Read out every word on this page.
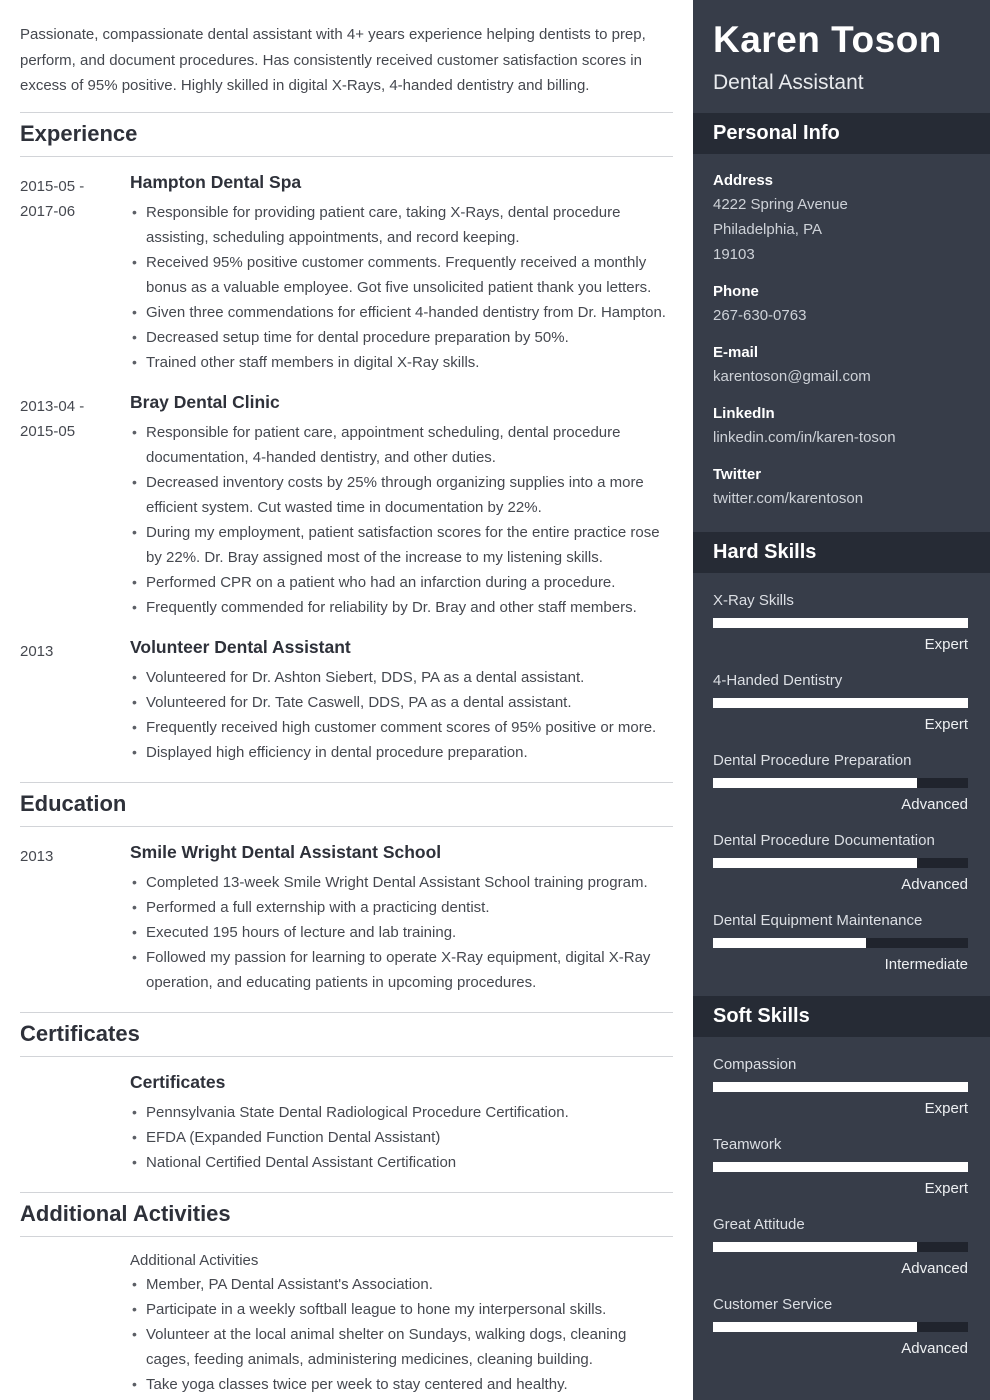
Passionate, compassionate dental assistant with 4+ years experience helping dentists to prep, perform, and document procedures. Has consistently received customer satisfaction scores in excess of 95% positive. Highly skilled in digital X-Rays, 4-handed dentistry and billing.

Experience
2015-05 -
2017-06
Hampton Dental Spa
• Responsible for providing patient care, taking X-Rays, dental procedure assisting, scheduling appointments, and record keeping.
• Received 95% positive customer comments. Frequently received a monthly bonus as a valuable employee. Got five unsolicited patient thank you letters.
• Given three commendations for efficient 4-handed dentistry from Dr. Hampton.
• Decreased setup time for dental procedure preparation by 50%.
• Trained other staff members in digital X-Ray skills.
2013-04 -
2015-05
Bray Dental Clinic
• Responsible for patient care, appointment scheduling, dental procedure documentation, 4-handed dentistry, and other duties.
• Decreased inventory costs by 25% through organizing supplies into a more efficient system. Cut wasted time in documentation by 22%.
• During my employment, patient satisfaction scores for the entire practice rose by 22%. Dr. Bray assigned most of the increase to my listening skills.
• Performed CPR on a patient who had an infarction during a procedure.
• Frequently commended for reliability by Dr. Bray and other staff members.
2013	Volunteer Dental Assistant
• Volunteered for Dr. Ashton Siebert, DDS, PA as a dental assistant.
• Volunteered for Dr. Tate Caswell, DDS, PA as a dental assistant.
• Frequently received high customer comment scores of 95% positive or more.
• Displayed high efficiency in dental procedure preparation.
Education
2013	Smile Wright Dental Assistant School
• Completed 13-week Smile Wright Dental Assistant School training program.
• Performed a full externship with a practicing dentist.
• Executed 195 hours of lecture and lab training.
• Followed my passion for learning to operate X-Ray equipment, digital X-Ray operation, and educating patients in upcoming procedures.
Certificates
Certificates
• Pennsylvania State Dental Radiological Procedure Certification.
• EFDA (Expanded Function Dental Assistant)
• National Certified Dental Assistant Certification
Additional Activities
Additional Activities
• Member, PA Dental Assistant's Association.
• Participate in a weekly softball league to hone my interpersonal skills.
• Volunteer at the local animal shelter on Sundays, walking dogs, cleaning cages, feeding animals, administering medicines, cleaning building.
• Take yoga classes twice per week to stay centered and healthy.
Karen Toson
Dental Assistant
Personal Info
Address
4222 Spring Avenue
Philadelphia, PA
19103
Phone
267-630-0763
E-mail
karentoson@gmail.com
LinkedIn
linkedin.com/in/karen-toson
Twitter
twitter.com/karentoson
Hard Skills
X-Ray Skills
Expert
4-Handed Dentistry
Expert
Dental Procedure Preparation
Advanced
Dental Procedure Documentation
Advanced
Dental Equipment Maintenance
Intermediate
Soft Skills
Compassion
Expert
Teamwork
Expert
Great Attitude
Advanced
Customer Service
Advanced
